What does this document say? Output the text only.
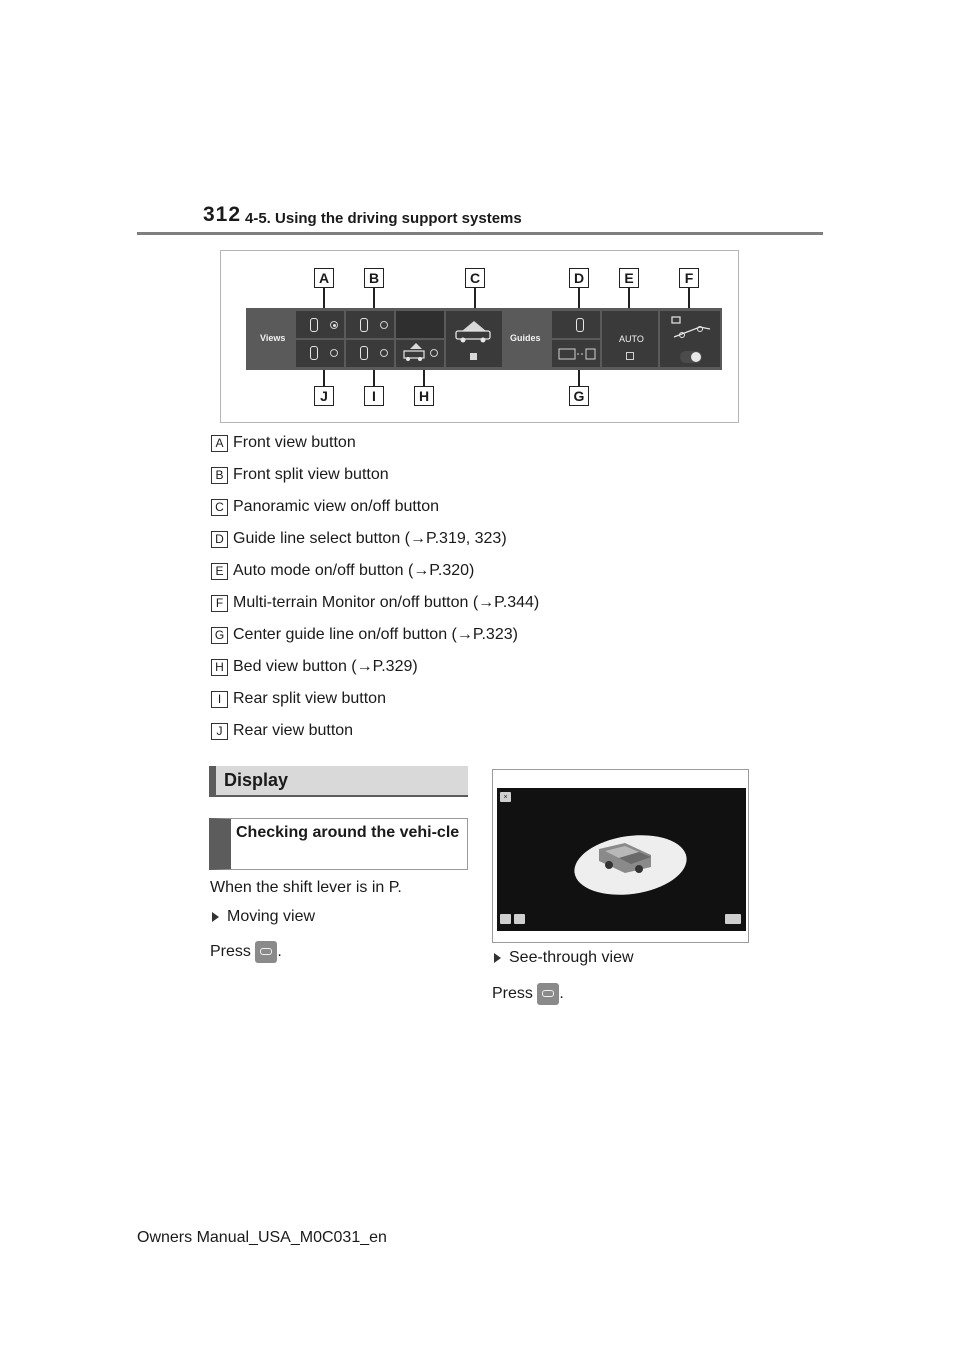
312 4-5. Using the driving support systems
A	B	C	D	E	F
J	I	H	G
Views	Guides	AUTO
A Front view button
B Front split view button
C Panoramic view on/off button
D Guide line select button (→P.319, 323)
E Auto mode on/off button (→P.320)
F Multi-terrain Monitor on/off button (→P.344)
G Center guide line on/off button (→P.323)
H Bed view button (→P.329)
I Rear split view button
J Rear view button
Display
Checking around the vehi-cle
When the shift lever is in P.
Moving view
Press .
×
See-through view
Press .
Owners Manual_USA_M0C031_en
